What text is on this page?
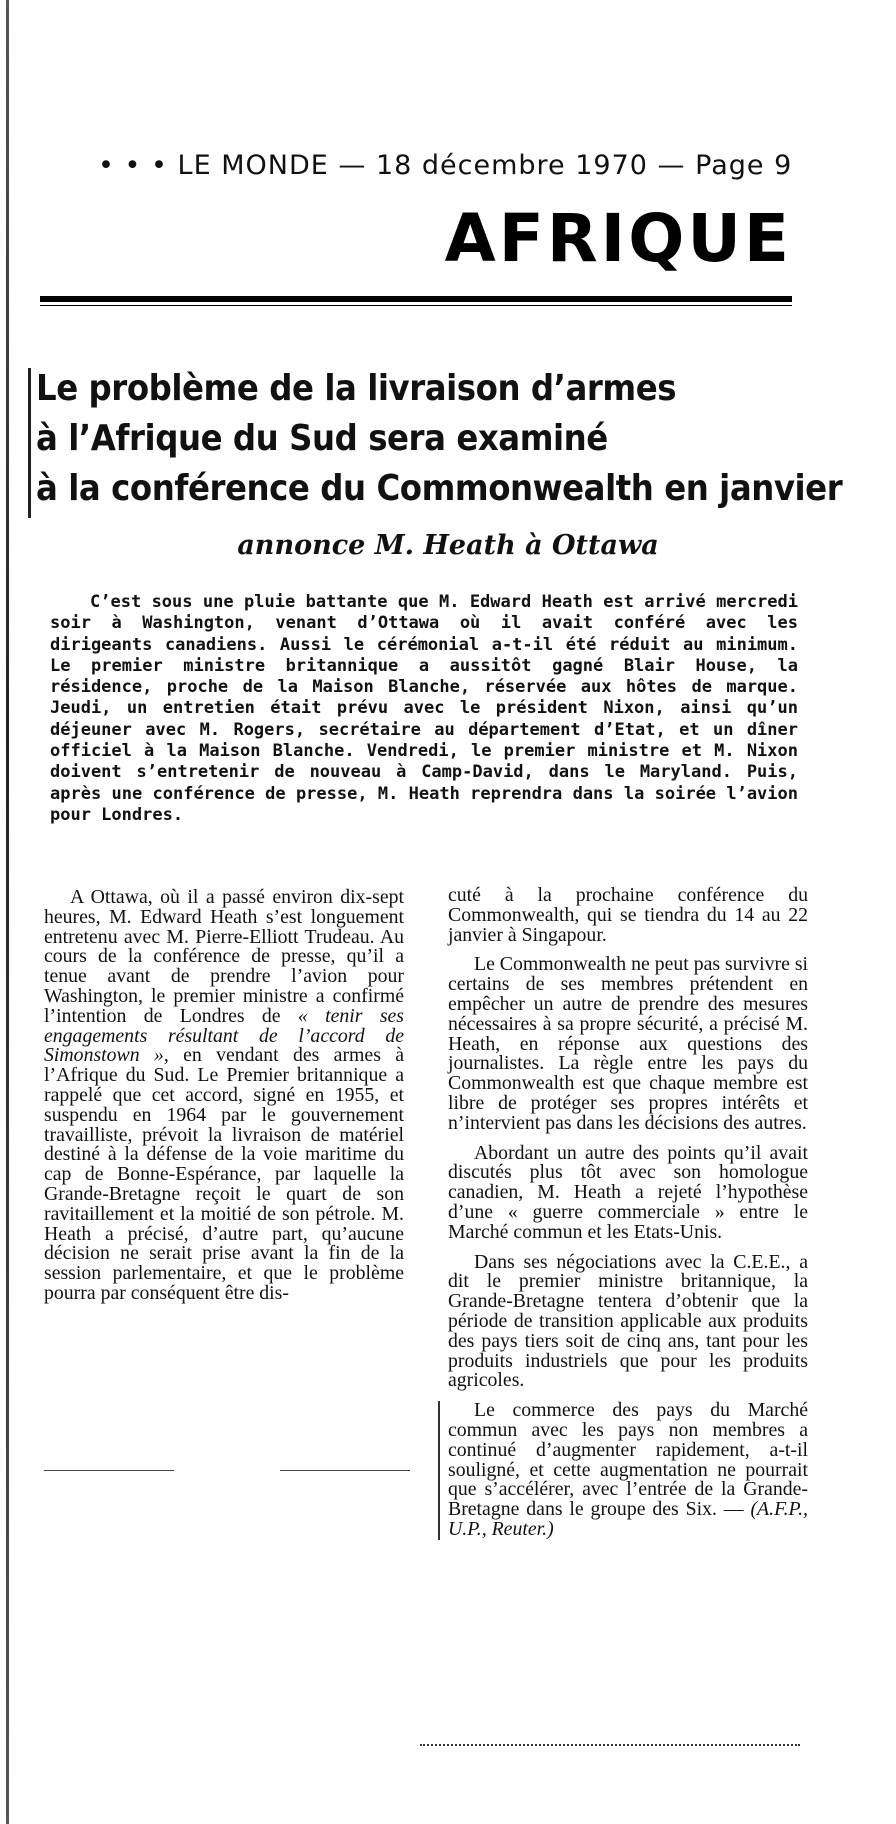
• • • LE MONDE — 18 décembre 1970 — Page 9
AFRIQUE
Le problème de la livraison d’armes
à l’Afrique du Sud sera examiné
à la conférence du Commonwealth en janvier
annonce M. Heath à Ottawa

C’est sous une pluie battante que M. Edward Heath est arrivé mercredi soir à Washington, venant d’Ottawa où il avait conféré avec les dirigeants canadiens. Aussi le cérémonial a-t-il été réduit au minimum. Le premier ministre britannique a aussitôt gagné Blair House, la résidence, proche de la Maison Blanche, réservée aux hôtes de marque. Jeudi, un entretien était prévu avec le président Nixon, ainsi qu’un déjeuner avec M. Rogers, secrétaire au département d’Etat, et un dîner officiel à la Maison Blanche. Vendredi, le premier ministre et M. Nixon doivent s’entretenir de nouveau à Camp-David, dans le Maryland. Puis, après une conférence de presse, M. Heath reprendra dans la soirée l’avion pour Londres.

A Ottawa, où il a passé environ dix-sept heures, M. Edward Heath s’est longuement entretenu avec M. Pierre-Elliott Trudeau. Au cours de la conférence de presse, qu’il a tenue avant de prendre l’avion pour Washington, le premier ministre a confirmé l’intention de Londres de « tenir ses engagements résultant de l’accord de Simonstown », en vendant des armes à l’Afrique du Sud. Le Premier britannique a rappelé que cet accord, signé en 1955, et suspendu en 1964 par le gouvernement travailliste, prévoit la livraison de matériel destiné à la défense de la voie maritime du cap de Bonne-Espérance, par laquelle la Grande-Bretagne reçoit le quart de son ravitaillement et la moitié de son pétrole. M. Heath a précisé, d’autre part, qu’aucune décision ne serait prise avant la fin de la session parlementaire, et que le problème pourra par conséquent être dis-

cuté à la prochaine conférence du Commonwealth, qui se tiendra du 14 au 22 janvier à Singapour.

Le Commonwealth ne peut pas survivre si certains de ses membres prétendent en empêcher un autre de prendre des mesures nécessaires à sa propre sécurité, a précisé M. Heath, en réponse aux questions des journalistes. La règle entre les pays du Commonwealth est que chaque membre est libre de protéger ses propres intérêts et n’intervient pas dans les décisions des autres.

Abordant un autre des points qu’il avait discutés plus tôt avec son homologue canadien, M. Heath a rejeté l’hypothèse d’une « guerre commerciale » entre le Marché commun et les Etats-Unis.

Dans ses négociations avec la C.E.E., a dit le premier ministre britannique, la Grande-Bretagne tentera d’obtenir que la période de transition applicable aux produits des pays tiers soit de cinq ans, tant pour les produits industriels que pour les produits agricoles.

Le commerce des pays du Marché commun avec les pays non membres a continué d’augmenter rapidement, a-t-il souligné, et cette augmentation ne pourrait que s’accélérer, avec l’entrée de la Grande-Bretagne dans le groupe des Six. — (A.F.P., U.P., Reuter.)
